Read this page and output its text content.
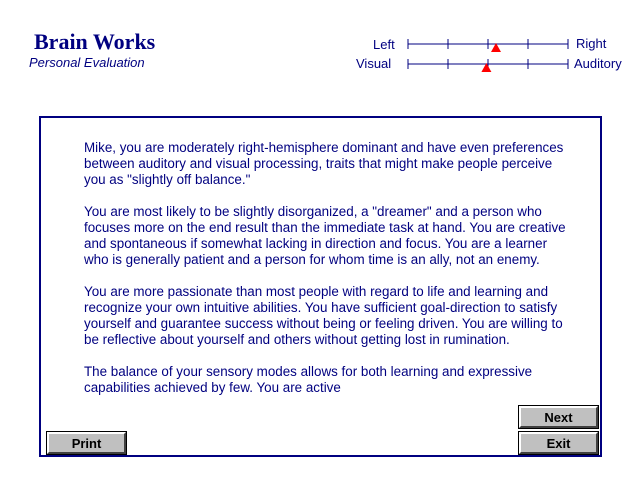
Brain Works
Personal Evaluation
Left	Right
Visual	Auditory

Mike, you are moderately right-hemisphere dominant and have even preferences between auditory and visual processing, traits that might make people perceive you as "slightly off balance."

You are most likely to be slightly disorganized, a "dreamer" and a person who focuses more on the end result than the immediate task at hand. You are creative and spontaneous if somewhat lacking in direction and focus. You are a learner who is generally patient and a person for whom time is an ally, not an enemy.

You are more passionate than most people with regard to life and learning and recognize your own intuitive abilities. You have sufficient goal-direction to satisfy yourself and guarantee success without being or feeling driven. You are willing to be reflective about yourself and others without getting lost in rumination.

The balance of your sensory modes allows for both learning and expressive capabilities achieved by few. You are active

Next
Print	Exit
